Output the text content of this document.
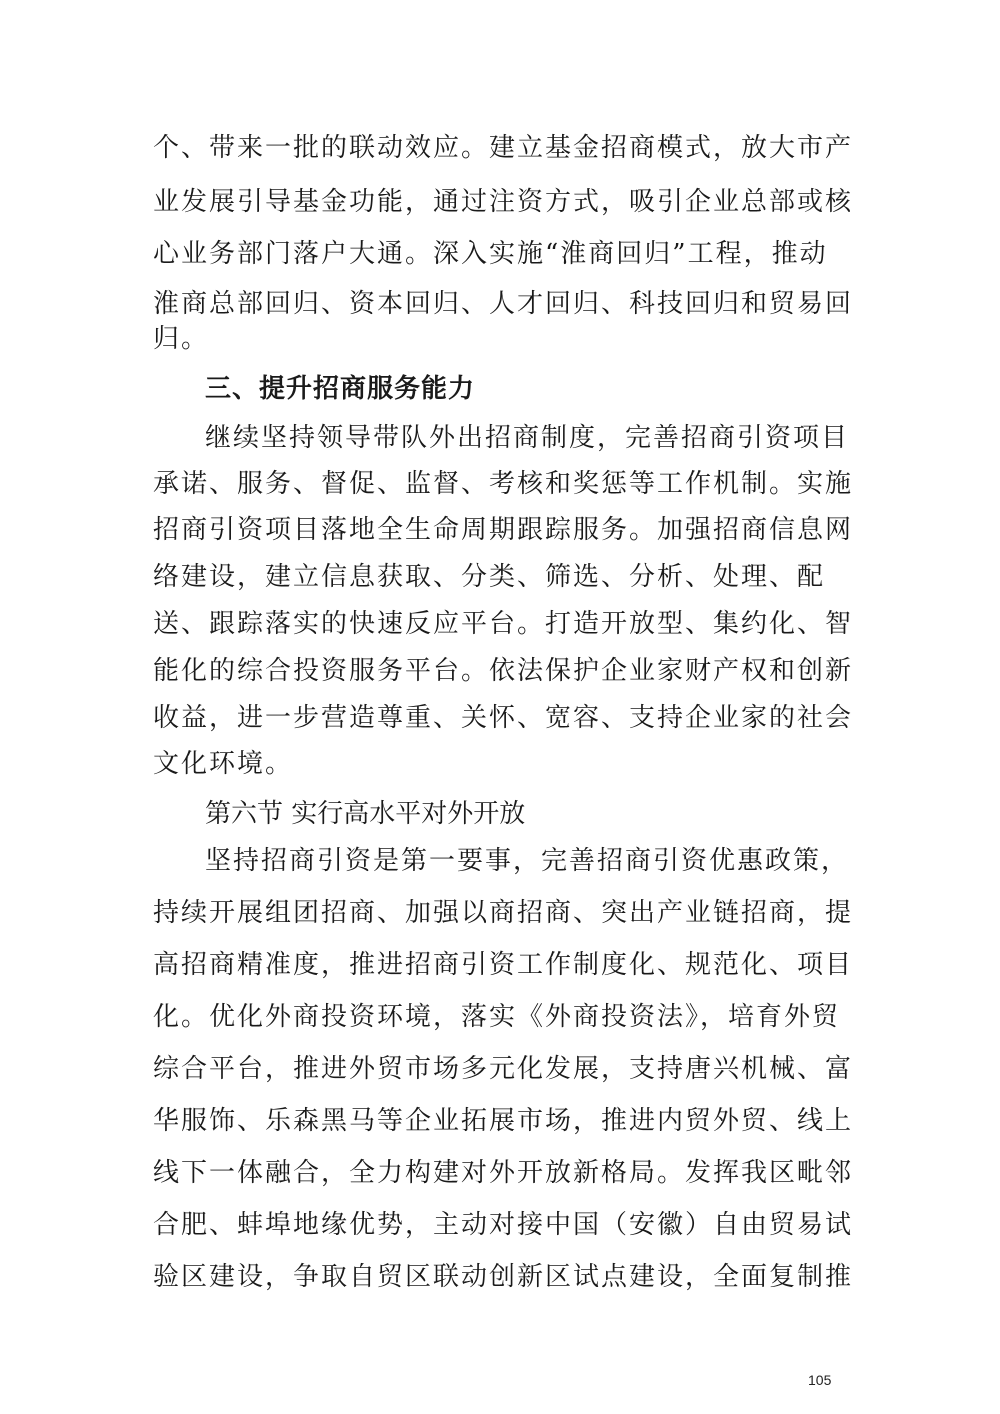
个、带来一批的联动效应。建立基金招商模式，放大市产
业发展引导基金功能，通过注资方式，吸引企业总部或核
心业务部门落户大通。深入实施“淮商回归”工程，推动
淮商总部回归、资本回归、人才回归、科技回归和贸易回
归。
三、提升招商服务能力
继续坚持领导带队外出招商制度，完善招商引资项目
承诺、服务、督促、监督、考核和奖惩等工作机制。实施
招商引资项目落地全生命周期跟踪服务。加强招商信息网
络建设，建立信息获取、分类、筛选、分析、处理、配
送、跟踪落实的快速反应平台。打造开放型、集约化、智
能化的综合投资服务平台。依法保护企业家财产权和创新
收益，进一步营造尊重、关怀、宽容、支持企业家的社会
文化环境。
第六节 实行高水平对外开放
坚持招商引资是第一要事，完善招商引资优惠政策，
持续开展组团招商、加强以商招商、突出产业链招商，提
高招商精准度，推进招商引资工作制度化、规范化、项目
化。优化外商投资环境，落实《外商投资法》，培育外贸
综合平台，推进外贸市场多元化发展，支持唐兴机械、富
华服饰、乐森黑马等企业拓展市场，推进内贸外贸、线上
线下一体融合，全力构建对外开放新格局。发挥我区毗邻
合肥、蚌埠地缘优势，主动对接中国（安徽）自由贸易试
验区建设，争取自贸区联动创新区试点建设，全面复制推
105
